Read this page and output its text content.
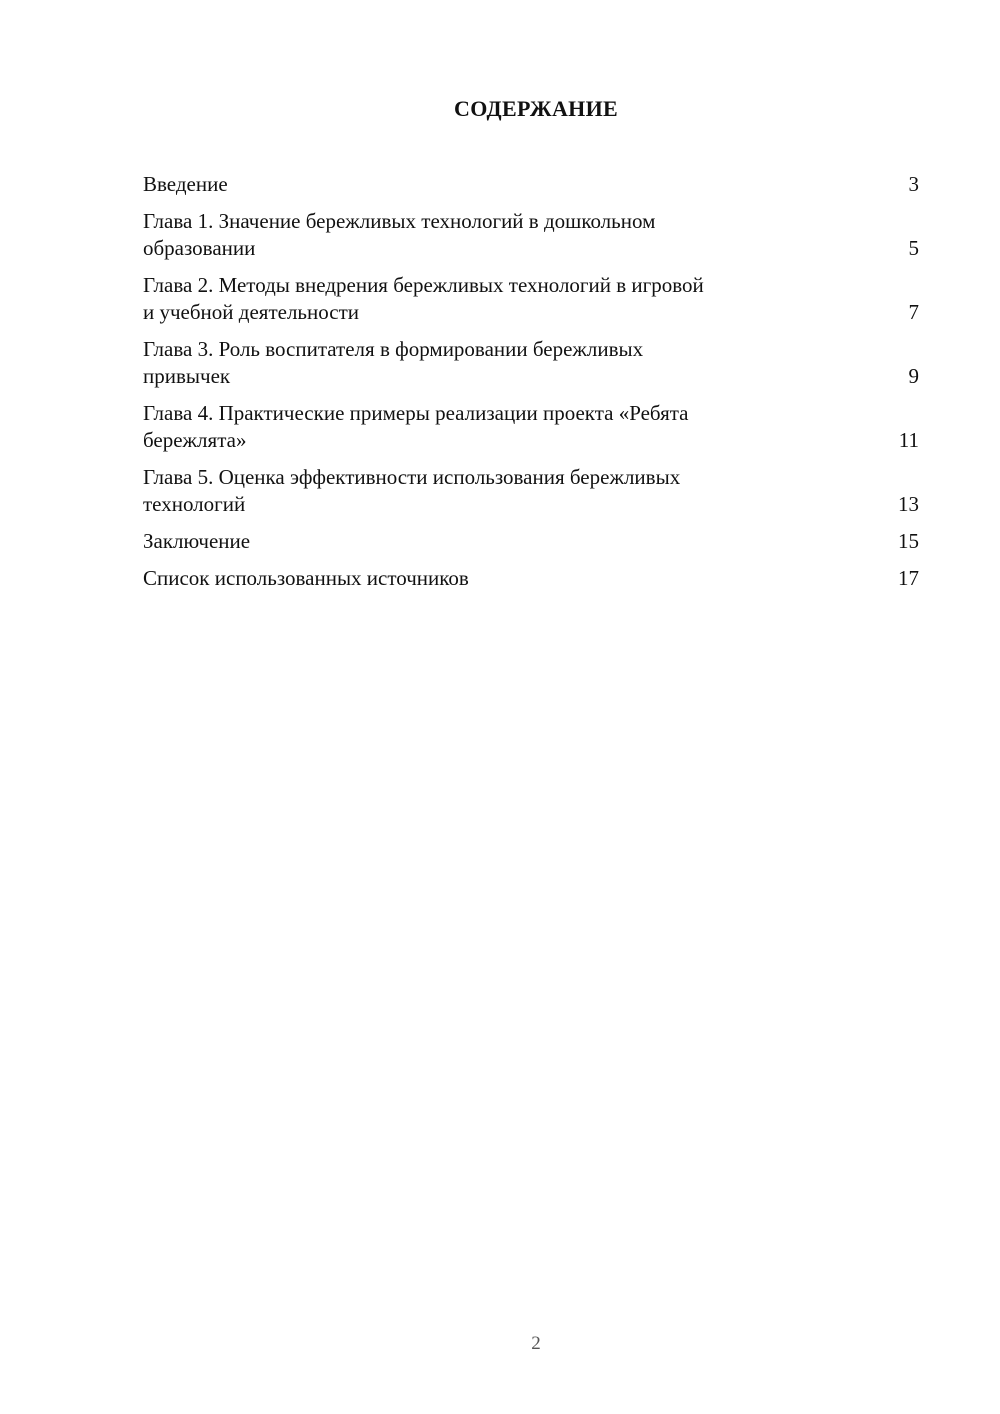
СОДЕРЖАНИЕ
Введение	3
Глава 1. Значение бережливых технологий в дошкольном
образовании	5
Глава 2. Методы внедрения бережливых технологий в игровой
и учебной деятельности	7
Глава 3. Роль воспитателя в формировании бережливых
привычек	9
Глава 4. Практические примеры реализации проекта «Ребята
бережлята»	11
Глава 5. Оценка эффективности использования бережливых
технологий	13
Заключение	15
Список использованных источников	17
2
